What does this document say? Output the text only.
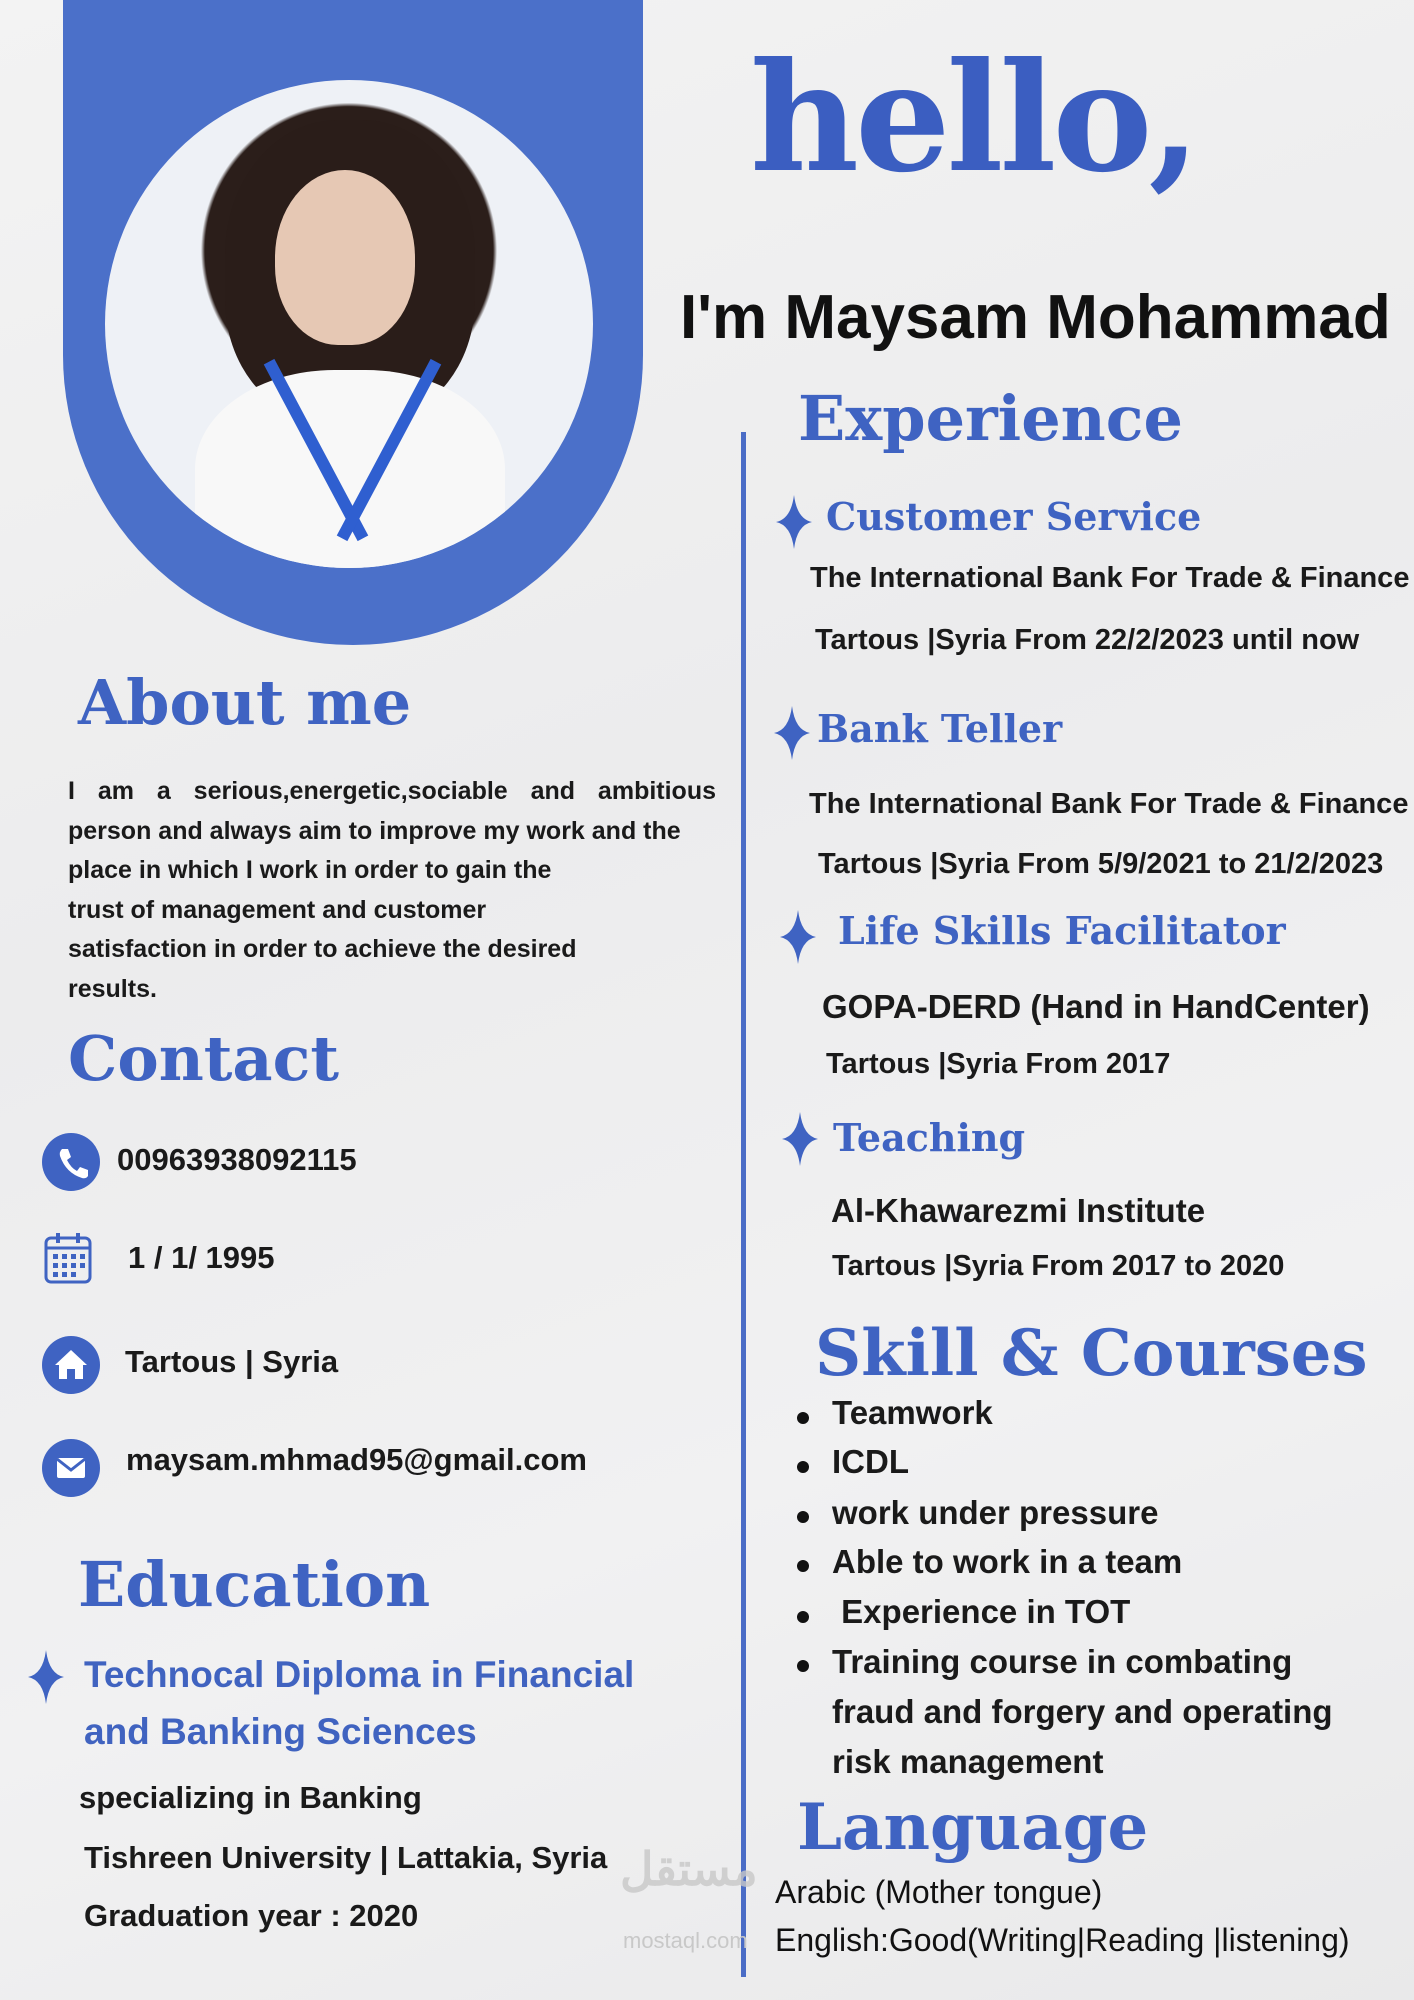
hello,
I'm Maysam Mohammad
About me
I am a serious,energetic,sociable and ambitious
person and always aim to improve my work and the
place in which I work in order to gain the
trust of management and customer
satisfaction in order to achieve the desired
results.
Contact
00963938092115
1 / 1/ 1995
Tartous | Syria
maysam.mhmad95@gmail.com
Education
Technocal Diploma in Financial
and Banking Sciences
specializing in Banking
Tishreen University | Lattakia, Syria
Graduation year : 2020
Experience
Customer Service
The International Bank For Trade & Finance
Tartous |Syria From 22/2/2023 until now
Bank Teller
The International Bank For Trade & Finance
Tartous |Syria From 5/9/2021 to 21/2/2023
Life Skills Facilitator
GOPA-DERD (Hand in HandCenter)
Tartous |Syria From 2017
Teaching
Al-Khawarezmi Institute
Tartous |Syria From 2017 to 2020
Skill & Courses
Teamwork
ICDL
work under pressure
Able to work in a team
Experience in TOT
Training course in combating
fraud and forgery and operating
risk management
Language
Arabic (Mother tongue)
English:Good(Writing|Reading |listening)
مستقل
mostaql.com
